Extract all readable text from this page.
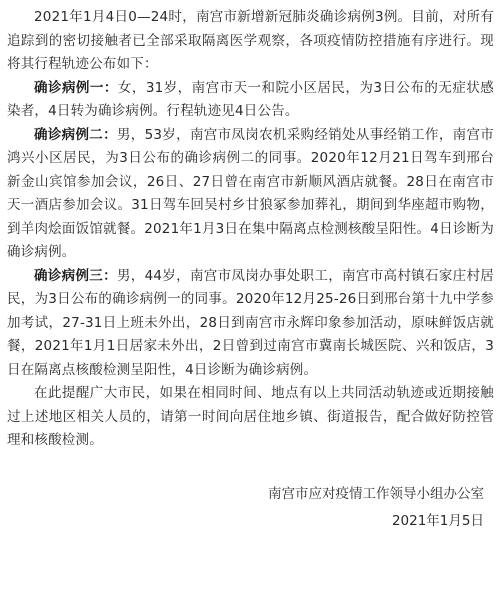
2021年1月4日0—24时，南宫市新增新冠肺炎确诊病例3例。目前，对所有追踪到的密切接触者已全部采取隔离医学观察，各项疫情防控措施有序进行。现将其行程轨迹公布如下：

确诊病例一：女，31岁，南宫市天一和院小区居民，为3日公布的无症状感染者，4日转为确诊病例。行程轨迹见4日公告。

确诊病例二：男，53岁，南宫市凤岗农机采购经销处从事经销工作，南宫市鸿兴小区居民，为3日公布的确诊病例二的同事。2020年12月21日驾车到邢台新金山宾馆参加会议，26日、27日曾在南宫市新顺风酒店就餐。28日在南宫市天一酒店参加会议。31日驾车回吴村乡甘狼冢参加葬礼，期间到华座超市购物，到羊肉烩面饭馆就餐。2021年1月3日在集中隔离点检测核酸呈阳性。4日诊断为确诊病例。

确诊病例三：男，44岁，南宫市凤岗办事处职工，南宫市高村镇石家庄村居民，为3日公布的确诊病例一的同事。2020年12月25-26日到邢台第十九中学参加考试，27-31日上班未外出，28日到南宫市永辉印象参加活动，原味鲜饭店就餐，2021年1月1日居家未外出，2日曾到过南宫市冀南长城医院、兴和饭店，3日在隔离点核酸检测呈阳性，4日诊断为确诊病例。

在此提醒广大市民，如果在相同时间、地点有以上共同活动轨迹或近期接触过上述地区相关人员的，请第一时间向居住地乡镇、街道报告，配合做好防控管理和核酸检测。

南宫市应对疫情工作领导小组办公室

2021年1月5日
